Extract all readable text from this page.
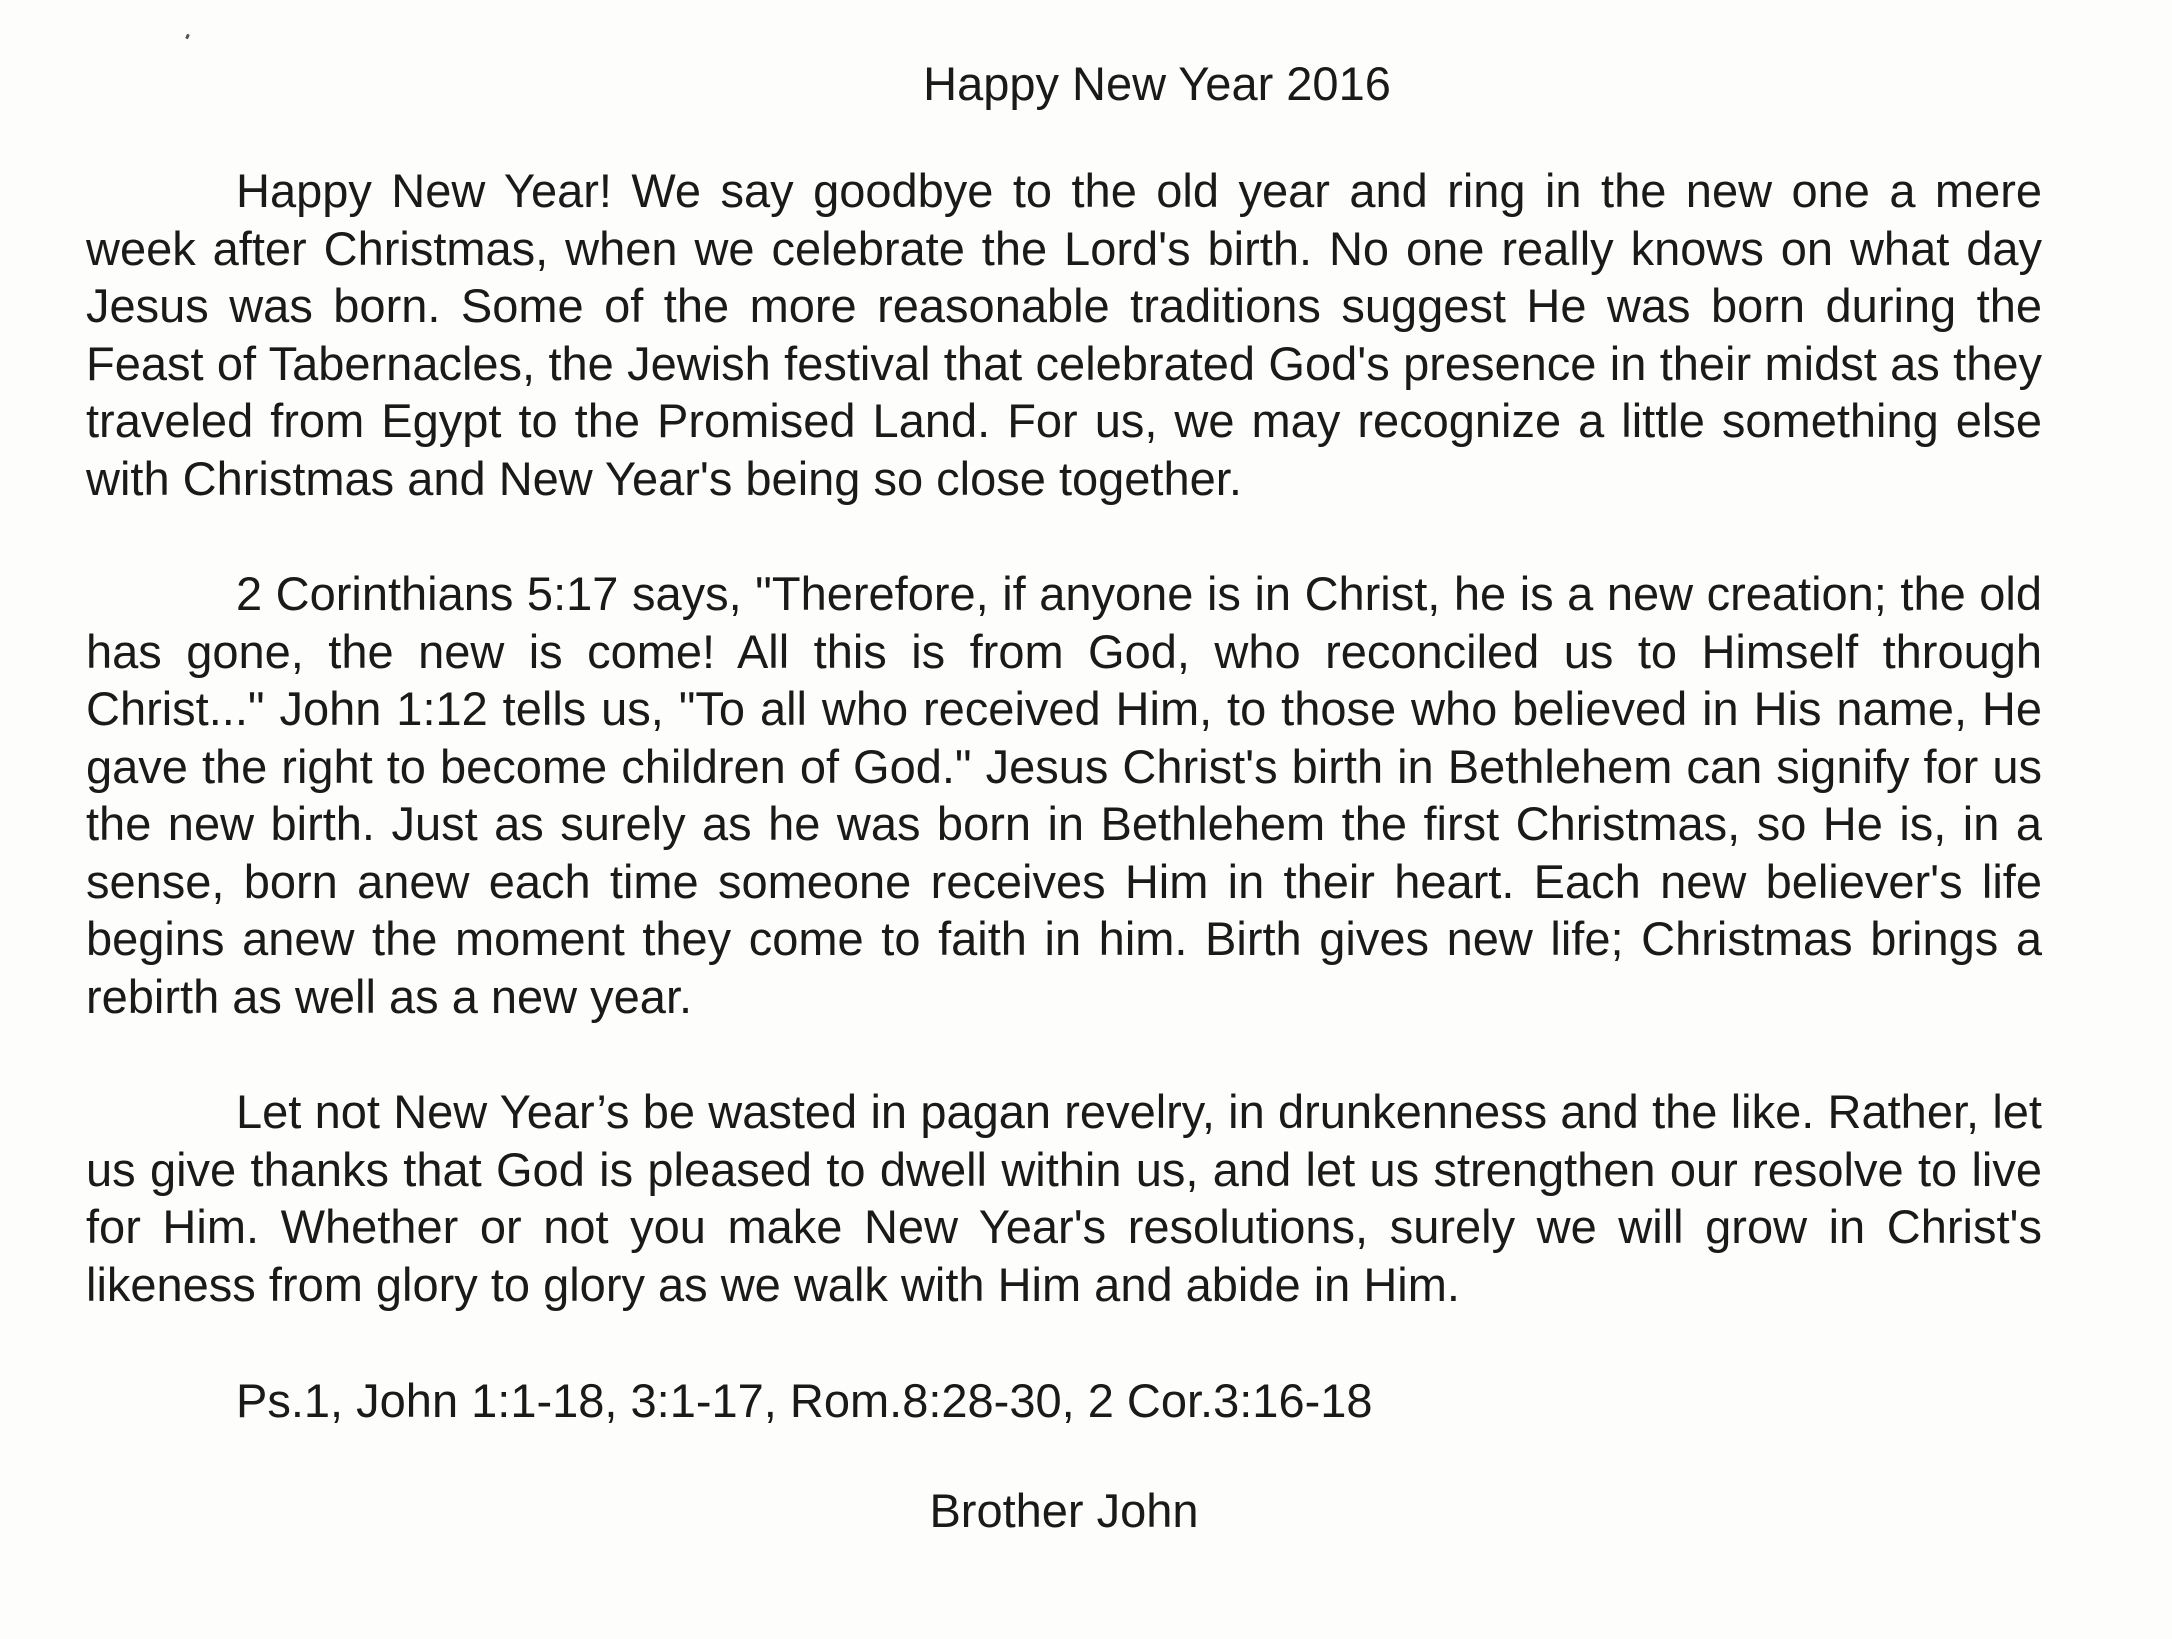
Happy New Year 2016

Happy New Year! We say goodbye to the old year and ring in the new one a mere week after Christmas, when we celebrate the Lord's birth. No one really knows on what day Jesus was born. Some of the more reasonable traditions suggest He was born during the Feast of Tabernacles, the Jewish festival that celebrated God's presence in their midst as they traveled from Egypt to the Promised Land. For us, we may recognize a little something else with Christmas and New Year's being so close together.

2 Corinthians 5:17 says, "Therefore, if anyone is in Christ, he is a new creation; the old has gone, the new is come! All this is from God, who reconciled us to Himself through Christ..." John 1:12 tells us, "To all who received Him, to those who believed in His name, He gave the right to become children of God." Jesus Christ's birth in Bethlehem can signify for us the new birth. Just as surely as he was born in Bethlehem the first Christmas, so He is, in a sense, born anew each time someone receives Him in their heart. Each new believer's life begins anew the moment they come to faith in him. Birth gives new life; Christmas brings a rebirth as well as a new year.

Let not New Year’s be wasted in pagan revelry, in drunkenness and the like. Rather, let us give thanks that God is pleased to dwell within us, and let us strengthen our resolve to live for Him. Whether or not you make New Year's resolutions, surely we will grow in Christ's likeness from glory to glory as we walk with Him and abide in Him.

Ps.1, John 1:1-18, 3:1-17, Rom.8:28-30, 2 Cor.3:16-18

Brother John
